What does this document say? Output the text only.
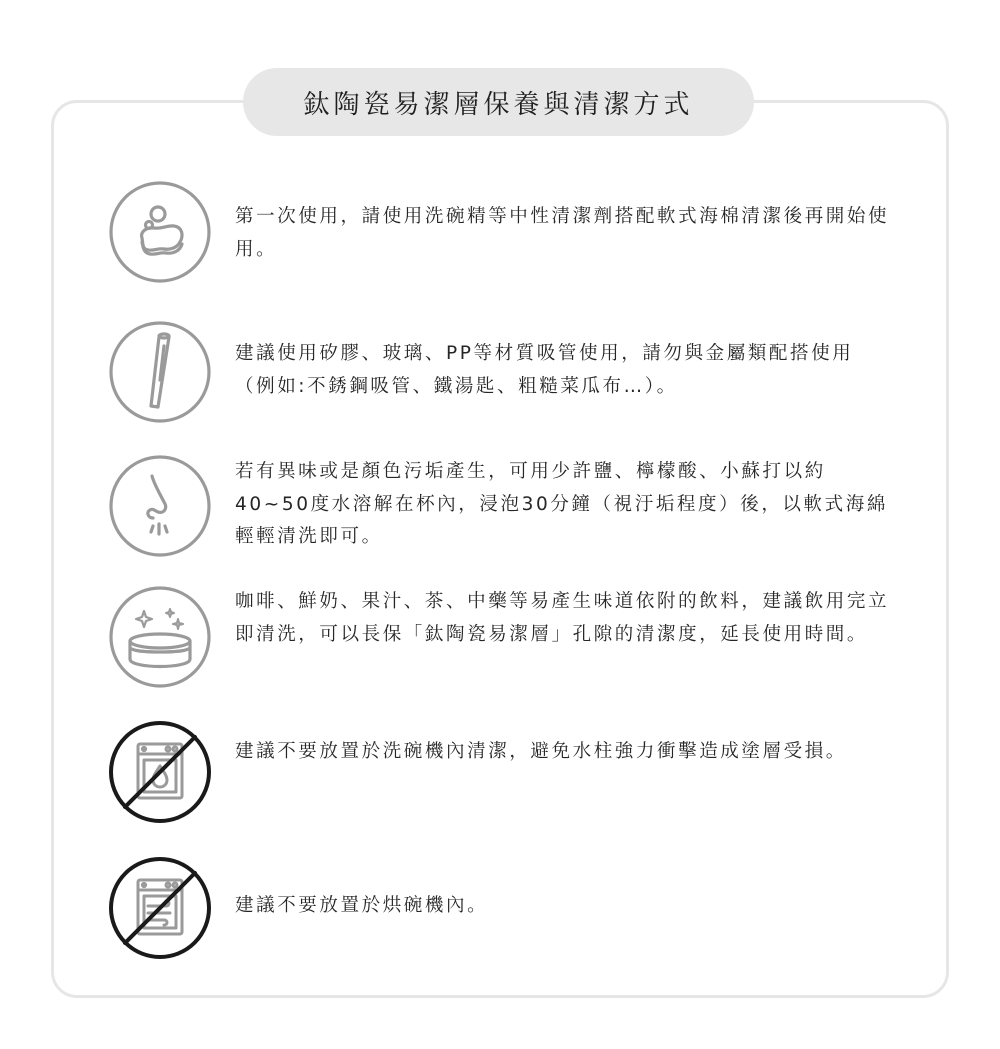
鈦陶瓷易潔層保養與清潔方式
第一次使用，請使用洗碗精等中性清潔劑搭配軟式海棉清潔後再開始使用。
建議使用矽膠、玻璃、PP等材質吸管使用，請勿與金屬類配搭使用（例如:不銹鋼吸管、鐵湯匙、粗糙菜瓜布…）。
若有異味或是顏色污垢產生，可用少許鹽、檸檬酸、小蘇打以約40~50度水溶解在杯內，浸泡30分鐘（視汙垢程度）後，以軟式海綿輕輕清洗即可。
咖啡、鮮奶、果汁、茶、中藥等易產生味道依附的飲料，建議飲用完立即清洗，可以長保「鈦陶瓷易潔層」孔隙的清潔度，延長使用時間。
建議不要放置於洗碗機內清潔，避免水柱強力衝擊造成塗層受損。
建議不要放置於烘碗機內。
